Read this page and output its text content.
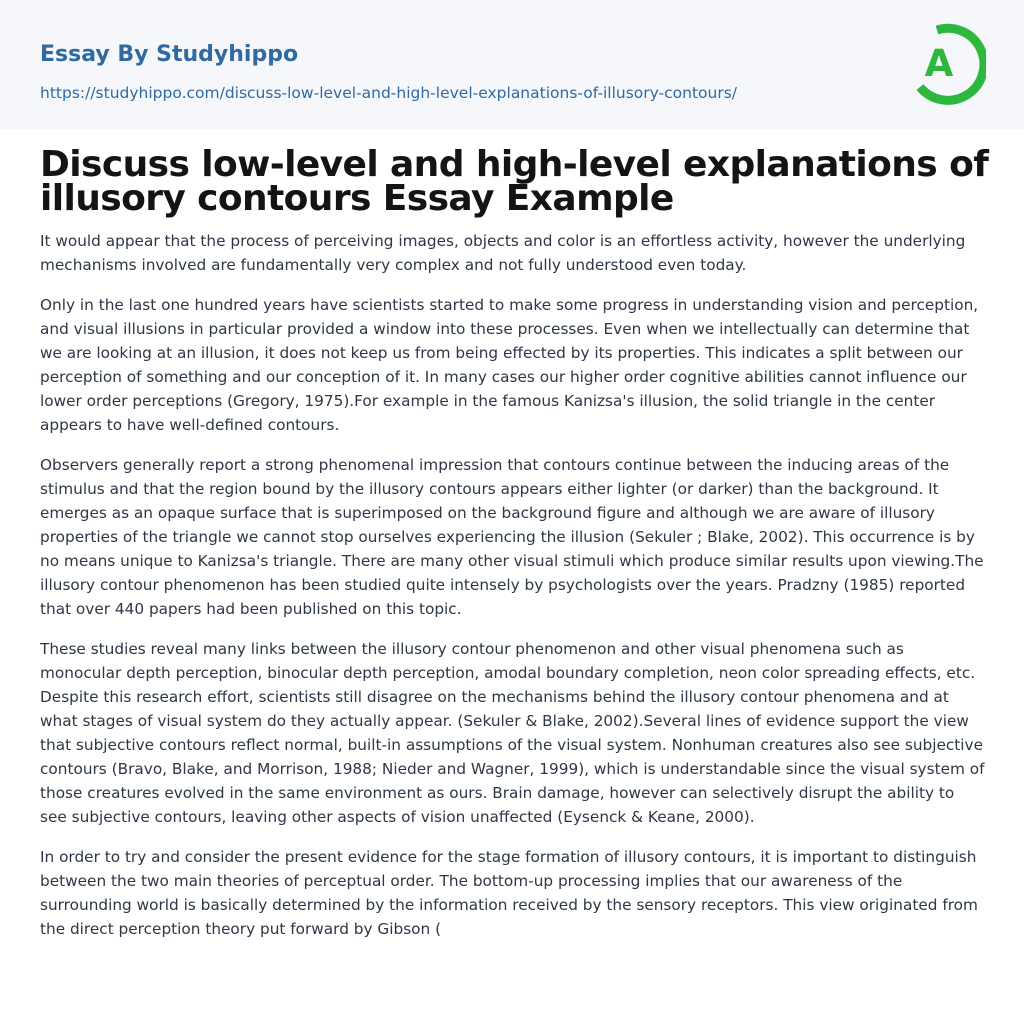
Essay By Studyhippo
https://studyhippo.com/discuss-low-level-and-high-level-explanations-of-illusory-contours/
A
Discuss low-level and high-level explanations of illusory contours Essay Example

It would appear that the process of perceiving images, objects and color is an effortless activity, however the underlying mechanisms involved are fundamentally very complex and not fully understood even today.

Only in the last one hundred years have scientists started to make some progress in understanding vision and perception, and visual illusions in particular provided a window into these processes. Even when we intellectually can determine that we are looking at an illusion, it does not keep us from being effected by its properties. This indicates a split between our perception of something and our conception of it. In many cases our higher order cognitive abilities cannot influence our lower order perceptions (Gregory, 1975).For example in the famous Kanizsa's illusion, the solid triangle in the center appears to have well-defined contours.

Observers generally report a strong phenomenal impression that contours continue between the inducing areas of the stimulus and that the region bound by the illusory contours appears either lighter (or darker) than the background. It emerges as an opaque surface that is superimposed on the background figure and although we are aware of illusory properties of the triangle we cannot stop ourselves experiencing the illusion (Sekuler ; Blake, 2002). This occurrence is by no means unique to Kanizsa's triangle. There are many other visual stimuli which produce similar results upon viewing.The illusory contour phenomenon has been studied quite intensely by psychologists over the years. Pradzny (1985) reported that over 440 papers had been published on this topic.

These studies reveal many links between the illusory contour phenomenon and other visual phenomena such as monocular depth perception, binocular depth perception, amodal boundary completion, neon color spreading effects, etc. Despite this research effort, scientists still disagree on the mechanisms behind the illusory contour phenomena and at what stages of visual system do they actually appear. (Sekuler & Blake, 2002).Several lines of evidence support the view that subjective contours reflect normal, built-in assumptions of the visual system. Nonhuman creatures also see subjective contours (Bravo, Blake, and Morrison, 1988; Nieder and Wagner, 1999), which is understandable since the visual system of those creatures evolved in the same environment as ours. Brain damage, however can selectively disrupt the ability to see subjective contours, leaving other aspects of vision unaffected (Eysenck & Keane, 2000).

In order to try and consider the present evidence for the stage formation of illusory contours, it is important to distinguish between the two main theories of perceptual order. The bottom-up processing implies that our awareness of the surrounding world is basically determined by the information received by the sensory receptors. This view originated from the direct perception theory put forward by Gibson (
